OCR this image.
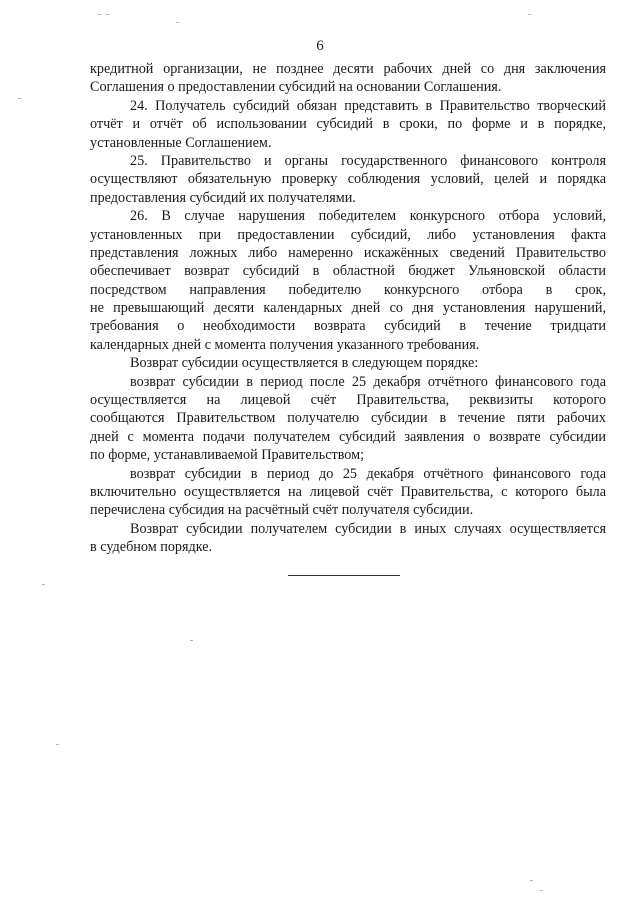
6
кредитной организации, не позднее десяти рабочих дней со дня заключения
Соглашения о предоставлении субсидий на основании Соглашения.
24. Получатель субсидий обязан представить в Правительство творческий
отчёт и отчёт об использовании субсидий в сроки, по форме и в порядке,
установленные Соглашением.
25. Правительство и органы государственного финансового контроля
осуществляют обязательную проверку соблюдения условий, целей и порядка
предоставления субсидий их получателями.
26. В случае нарушения победителем конкурсного отбора условий,
установленных при предоставлении субсидий, либо установления факта
представления ложных либо намеренно искажённых сведений Правительство
обеспечивает возврат субсидий в областной бюджет Ульяновской области
посредством направления победителю конкурсного отбора в срок,
не превышающий десяти календарных дней со дня установления нарушений,
требования о необходимости возврата субсидий в течение тридцати
календарных дней с момента получения указанного требования.
Возврат субсидии осуществляется в следующем порядке:
возврат субсидии в период после 25 декабря отчётного финансового года
осуществляется на лицевой счёт Правительства, реквизиты которого
сообщаются Правительством получателю субсидии в течение пяти рабочих
дней с момента подачи получателем субсидий заявления о возврате субсидии
по форме, устанавливаемой Правительством;
возврат субсидии в период до 25 декабря отчётного финансового года
включительно осуществляется на лицевой счёт Правительства, с которого была
перечислена субсидия на расчётный счёт получателя субсидии.
Возврат субсидии получателем субсидии в иных случаях осуществляется
в судебном порядке.
